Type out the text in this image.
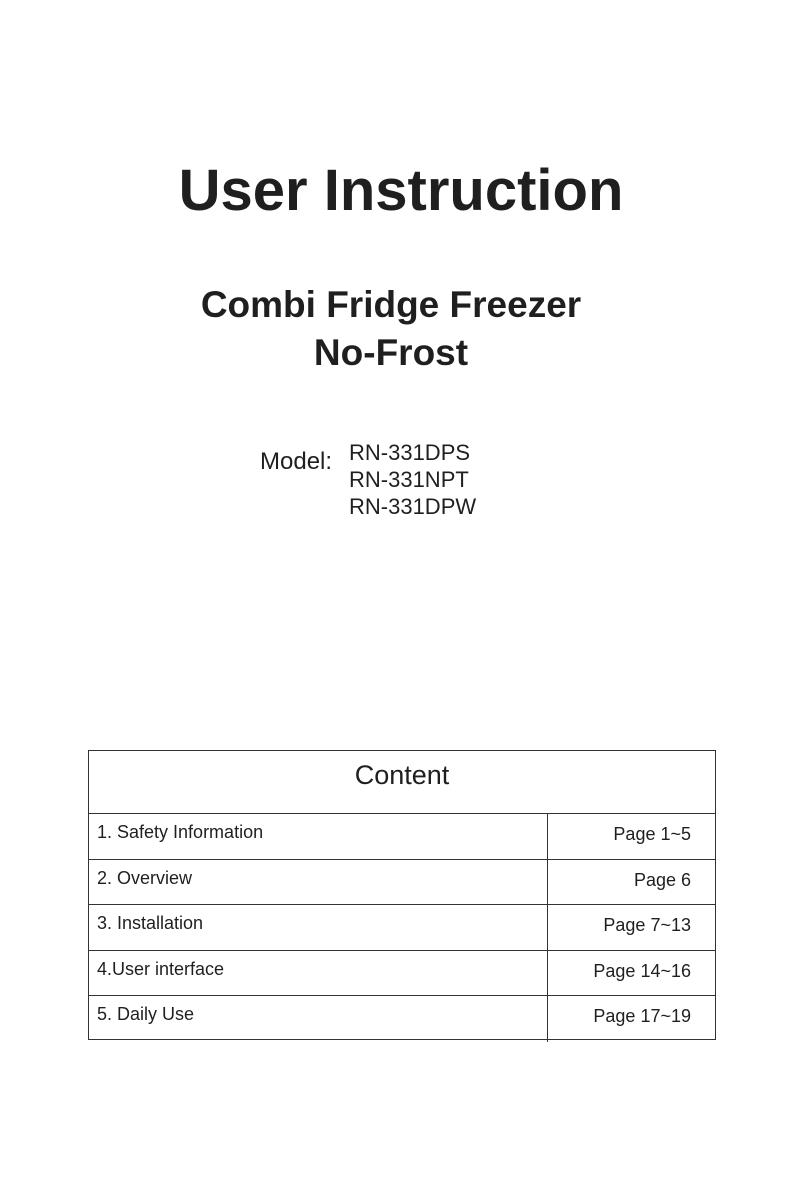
User Instruction
Combi Fridge Freezer
No-Frost
Model: RN-331DPS
RN-331NPT
RN-331DPW
Content
1. Safety Information	Page 1~5
2. Overview	Page 6
3. Installation	Page 7~13
4.User interface	Page 14~16
5. Daily Use	Page 17~19
